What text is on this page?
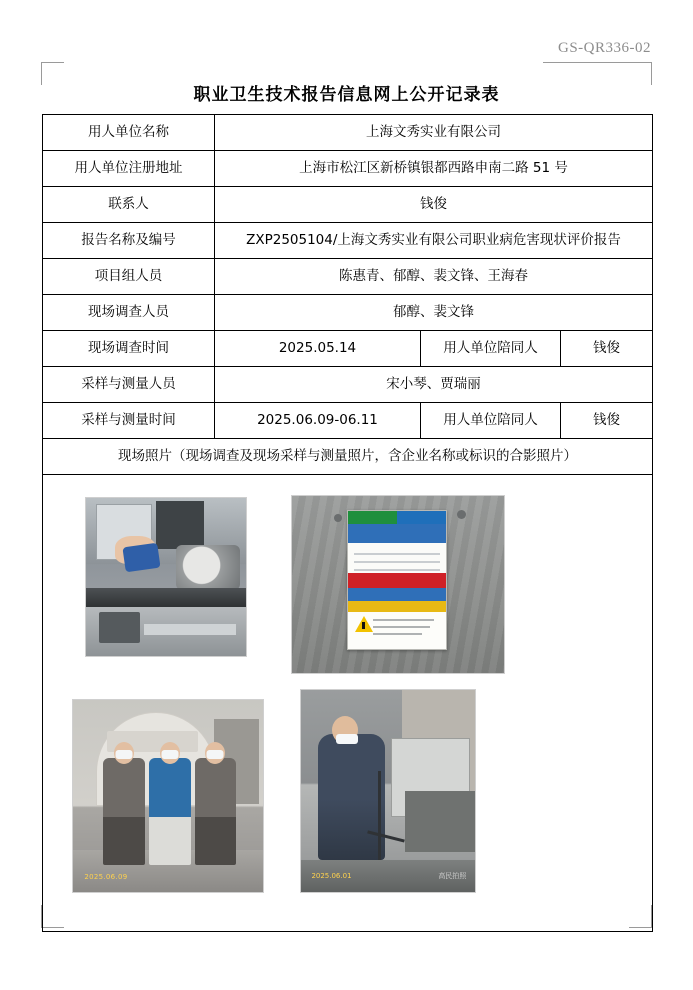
GS-QR336-02
职业卫生技术报告信息网上公开记录表
用人单位名称	上海文秀实业有限公司		
用人单位注册地址	上海市松江区新桥镇银都西路申南二路 51 号		
联系人	钱俊		
报告名称及编号	ZXP2505104/上海文秀实业有限公司职业病危害现状评价报告		
项目组人员	陈惠青、郁醇、裴文锋、王海春		
现场调查人员	郁醇、裴文锋		
现场调查时间	2025.05.14	用人单位陪同人	钱俊
采样与测量人员	宋小琴、贾瑞丽		
采样与测量时间	2025.06.09-06.11	用人单位陪同人	钱俊
现场照片（现场调查及现场采样与测量照片，含企业名称或标识的合影照片）			

2025.06.09 2025.06.01 高民拍照			
